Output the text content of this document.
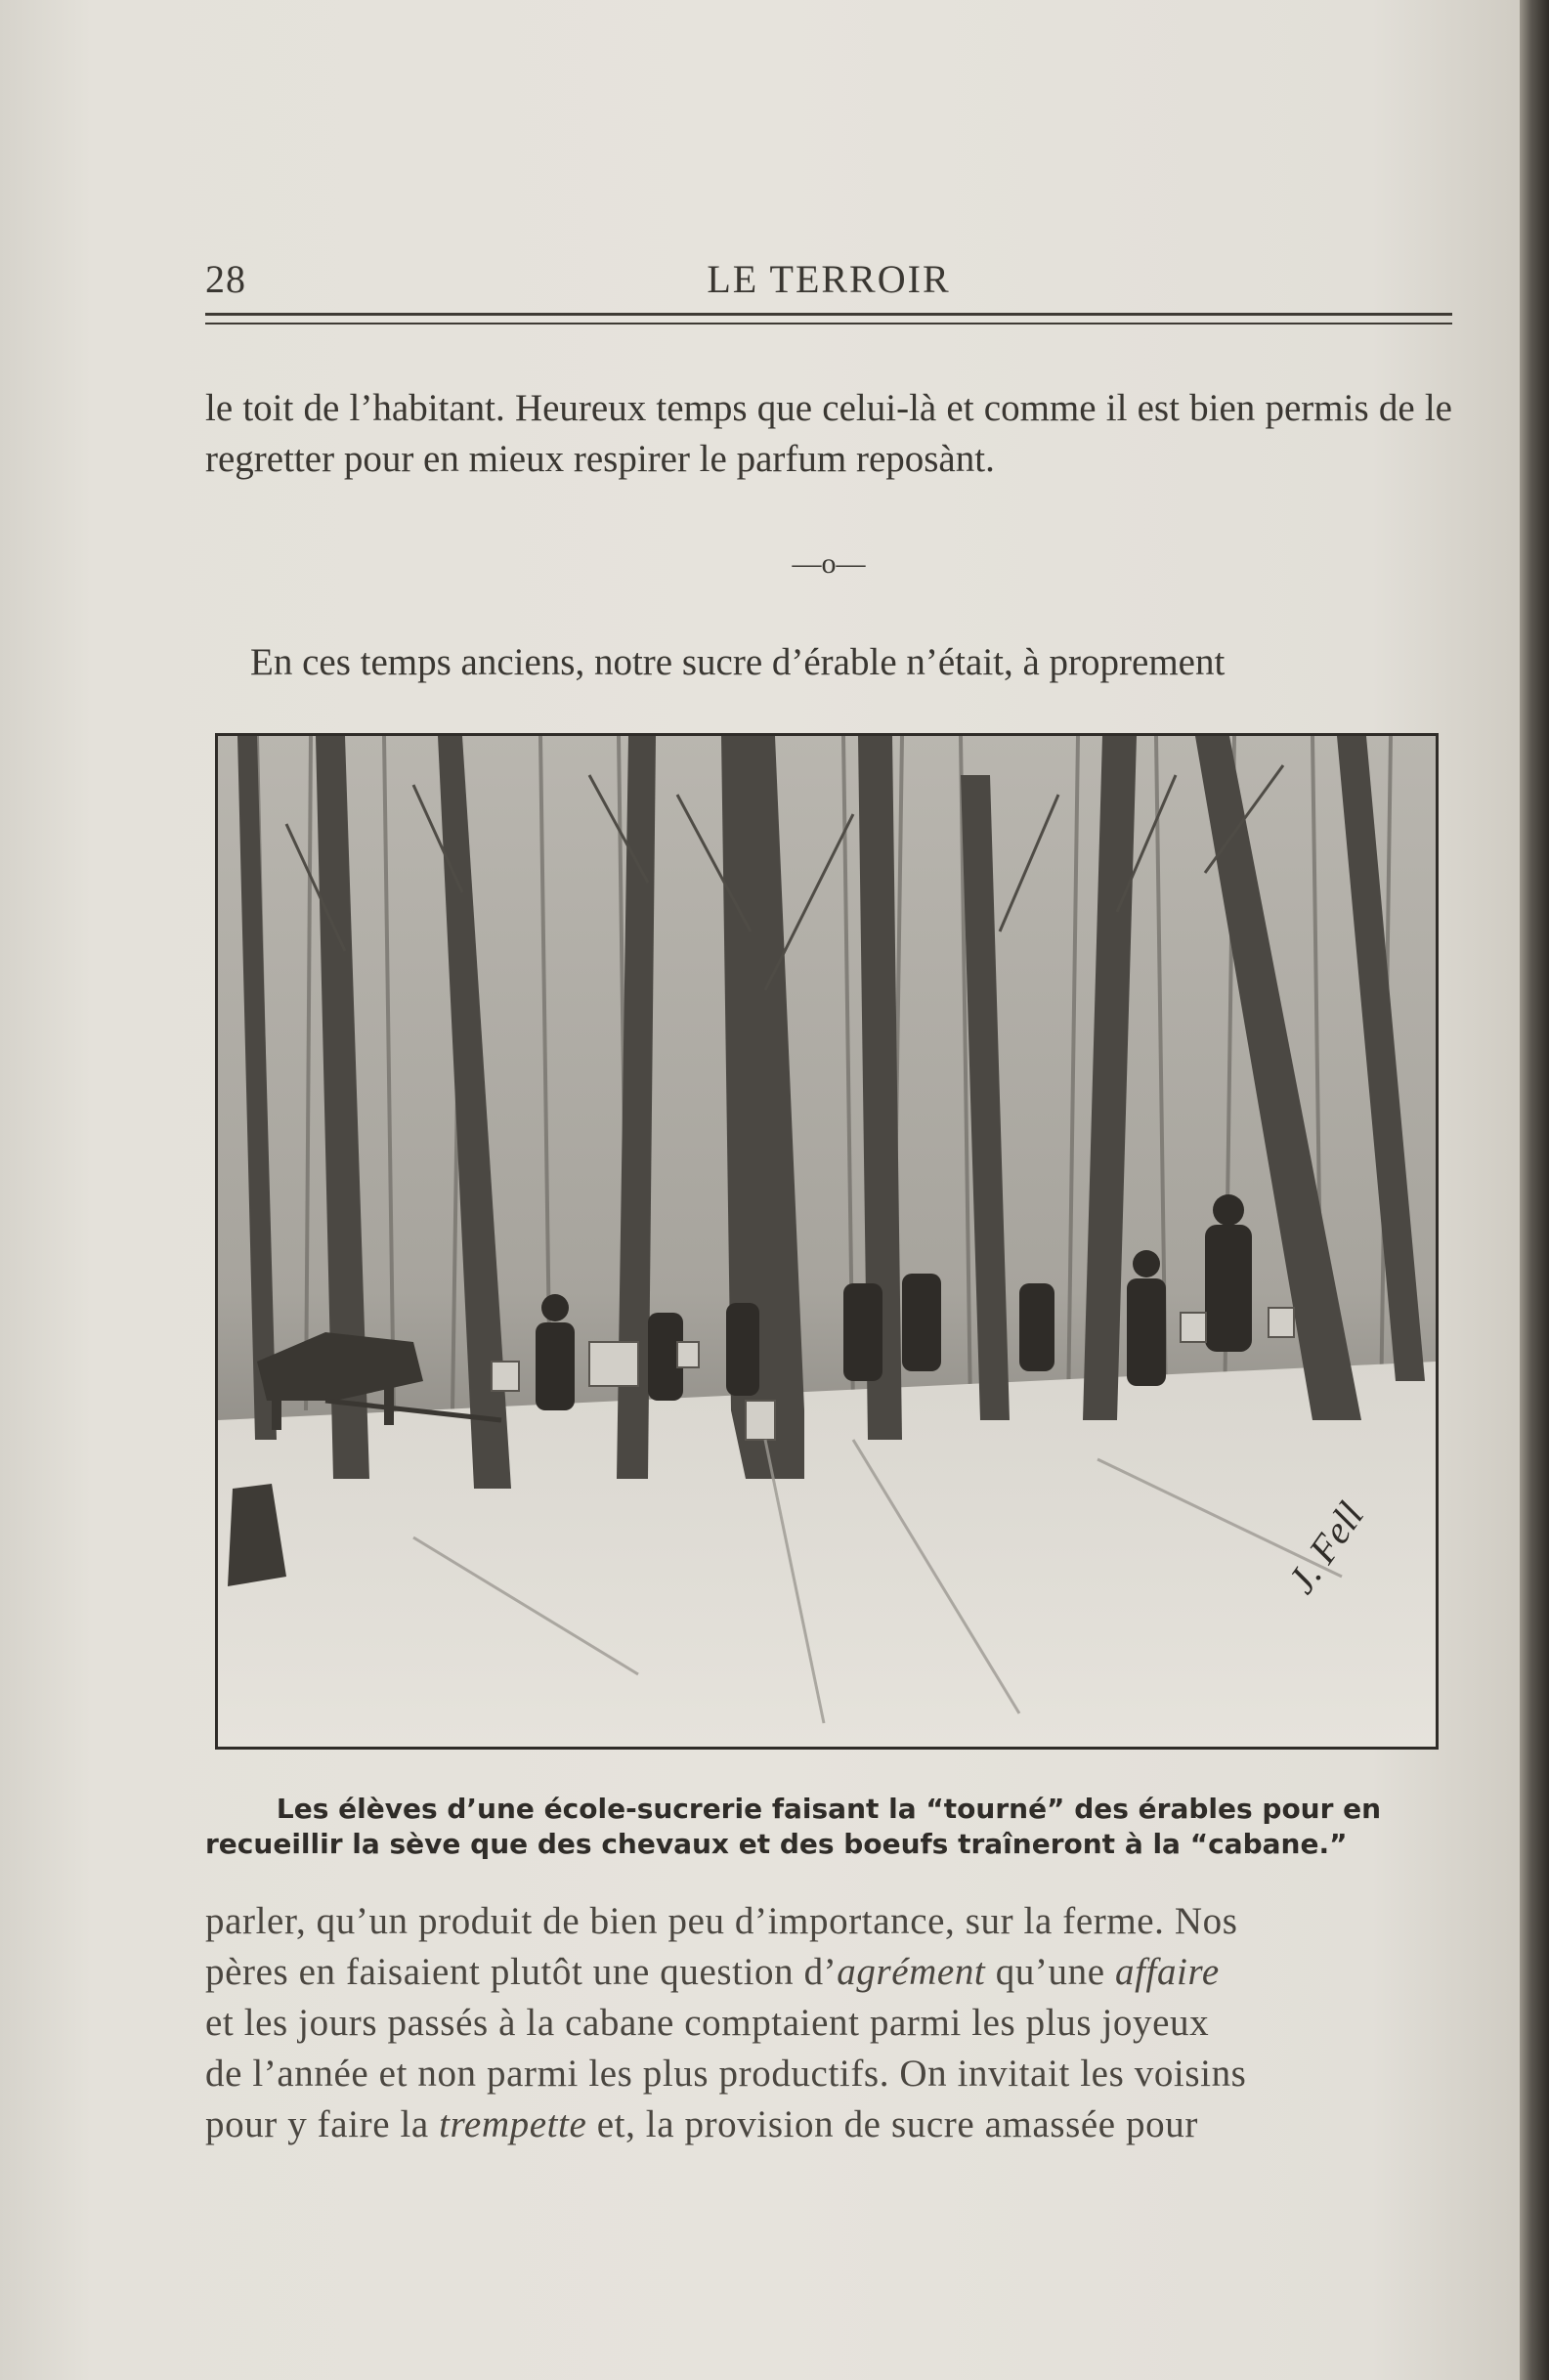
28	LE TERROIR

le toit de l’habitant. Heureux temps que celui-là et comme il est bien permis de le regretter pour en mieux respirer le parfum reposànt.

—o—

En ces temps anciens, notre sucre d’érable n’était, à proprement

J. Fell

Les élèves d’une école-sucrerie faisant la “tourné” des érables pour en
recueillir la sève que des chevaux et des boeufs traîneront à la “cabane.”

parler, qu’un produit de bien peu d’importance, sur la ferme. Nos
pères en faisaient plutôt une question d’agrément qu’une affaire
et les jours passés à la cabane comptaient parmi les plus joyeux
de l’année et non parmi les plus productifs. On invitait les voisins
pour y faire la trempette et, la provision de sucre amassée pour
